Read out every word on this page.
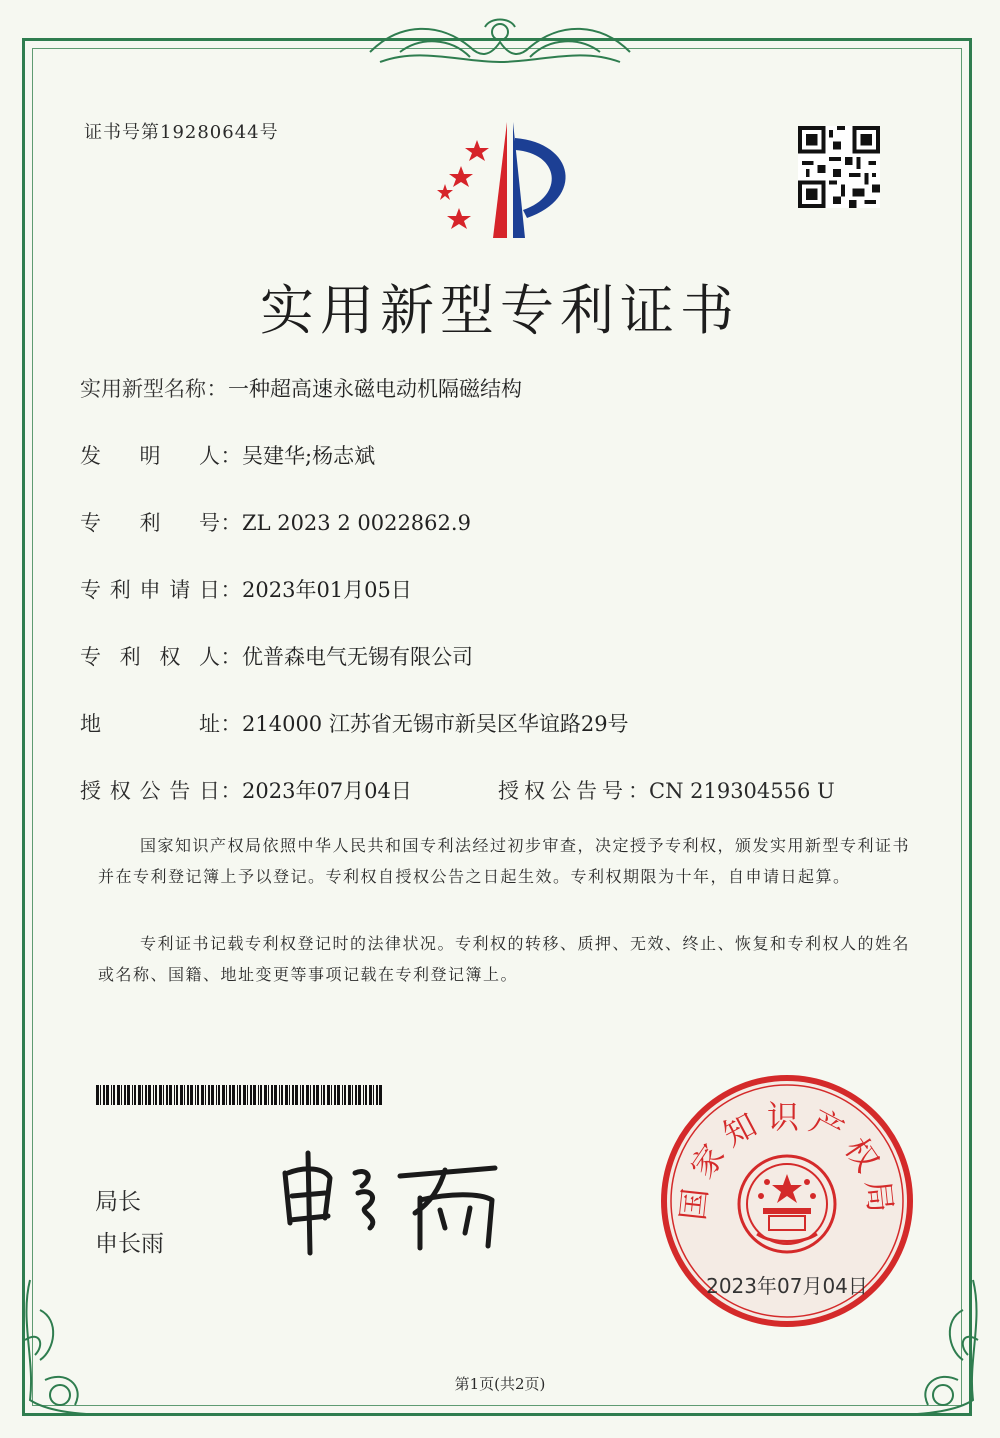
证书号第19280644号
实用新型专利证书
实用新型名称：一种超高速永磁电动机隔磁结构
发 明 人 ：吴建华;杨志斌
专 利 号 ：ZL 2023 2 0022862.9
专 利 申 请 日 ：2023年01月05日
专 利 权 人 ：优普森电气无锡有限公司
地	址 ：214000 江苏省无锡市新吴区华谊路29号
授 权 公 告 日 ：2023年07月04日	授权公告号：CN 219304556 U
国家知识产权局依照中华人民共和国专利法经过初步审查，决定授予专利权，颁发实用新型专利证书并在专利登记簿上予以登记。专利权自授权公告之日起生效。专利权期限为十年，自申请日起算。
专利证书记载专利权登记时的法律状况。专利权的转移、质押、无效、终止、恢复和专利权人的姓名或名称、国籍、地址变更等事项记载在专利登记簿上。
局长
申长雨
国家知识产权局
2023年07月04日
第1页(共2页)
